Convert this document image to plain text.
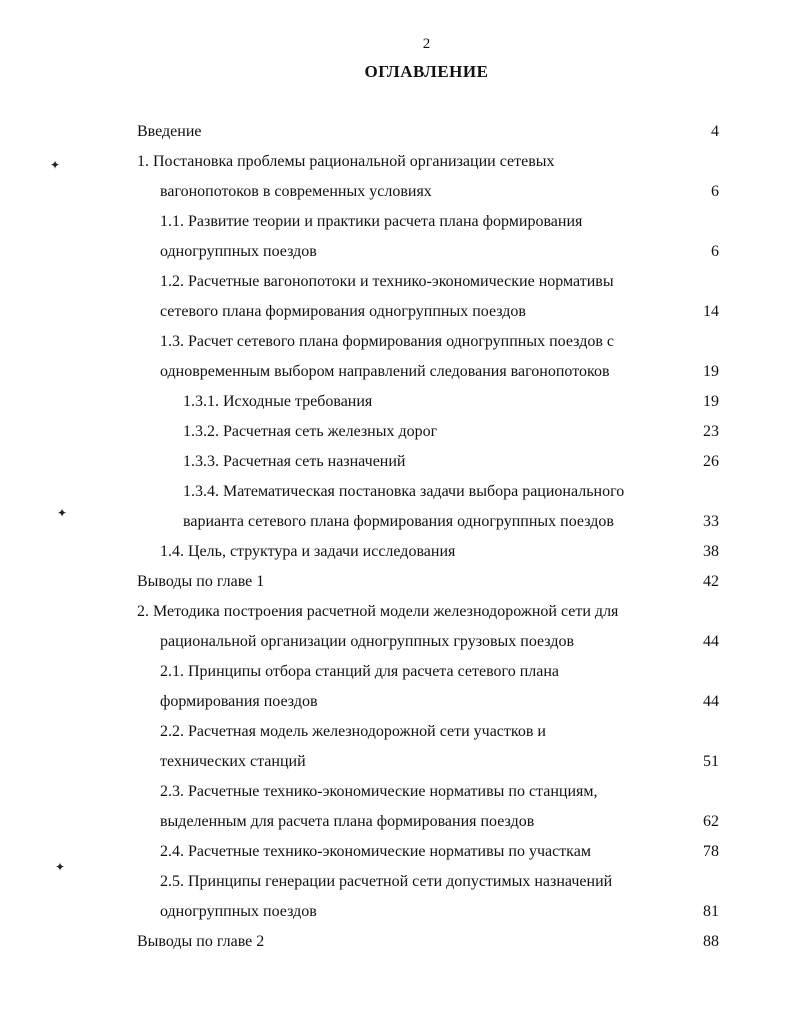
2
ОГЛАВЛЕНИЕ
Введение	4
1. Постановка проблемы рациональной организации сетевых
вагонопотоков в современных условиях	6
1.1. Развитие теории и практики расчета плана формирования
одногруппных поездов	6
1.2. Расчетные вагонопотоки и технико-экономические нормативы
сетевого плана формирования одногруппных поездов	14
1.3. Расчет сетевого плана формирования одногруппных поездов с
одновременным выбором направлений следования вагонопотоков	19
1.3.1. Исходные требования	19
1.3.2. Расчетная сеть железных дорог	23
1.3.3. Расчетная сеть назначений	26
1.3.4. Математическая постановка задачи выбора рационального
варианта сетевого плана формирования одногруппных поездов	33
1.4. Цель, структура и задачи исследования	38
Выводы по главе 1	42
2. Методика построения расчетной модели железнодорожной сети для
рациональной организации одногруппных грузовых поездов	44
2.1. Принципы отбора станций для расчета сетевого плана
формирования поездов	44
2.2. Расчетная модель железнодорожной сети участков и
технических станций	51
2.3. Расчетные технико-экономические нормативы по станциям,
выделенным для расчета плана формирования поездов	62
2.4. Расчетные технико-экономические нормативы по участкам	78
2.5. Принципы генерации расчетной сети допустимых назначений
одногруппных поездов	81
Выводы по главе 2	88
✦
✦
✦
